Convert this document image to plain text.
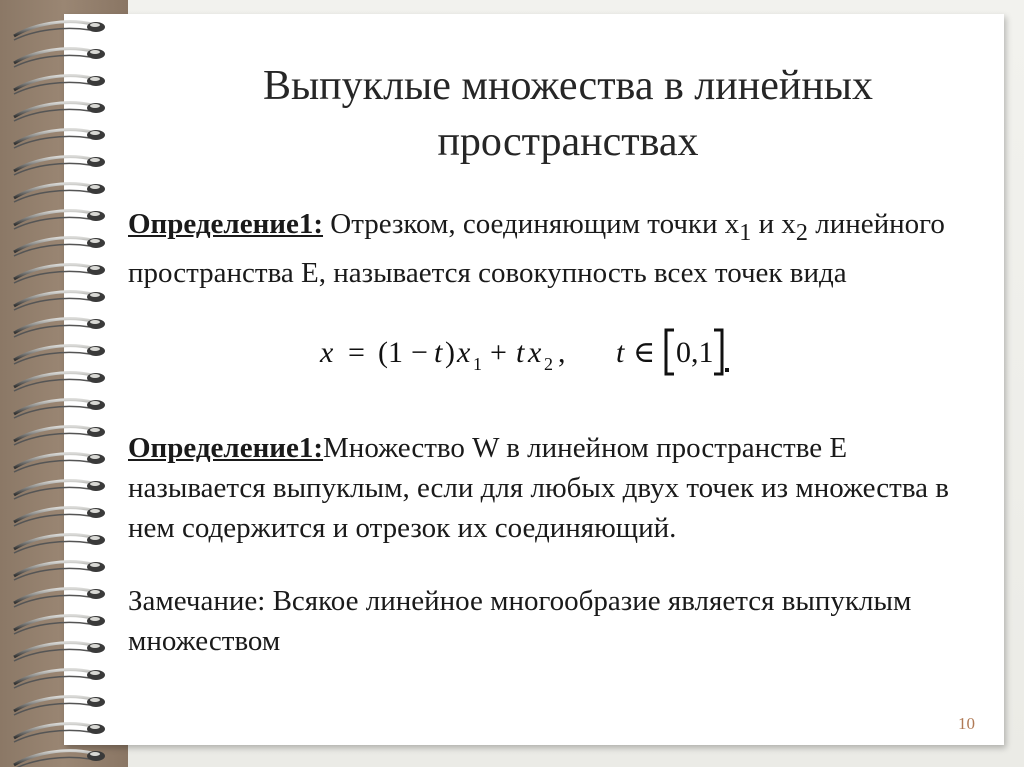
Выпуклые множества в линейных
пространствах

Определение1: Отрезком, соединяющим точки $x_1$ и $x_2$ линейного пространства E, называется совокупность всех точек вида

x = (1 − t ) x 1 + t x 2 , t ∈ 0,1

Определение1:Множество W в линейном пространстве E называется выпуклым, если для любых двух точек из множества в нем содержится и отрезок их соединяющий.

Замечание: Всякое линейное многообразие является выпуклым множеством

10
